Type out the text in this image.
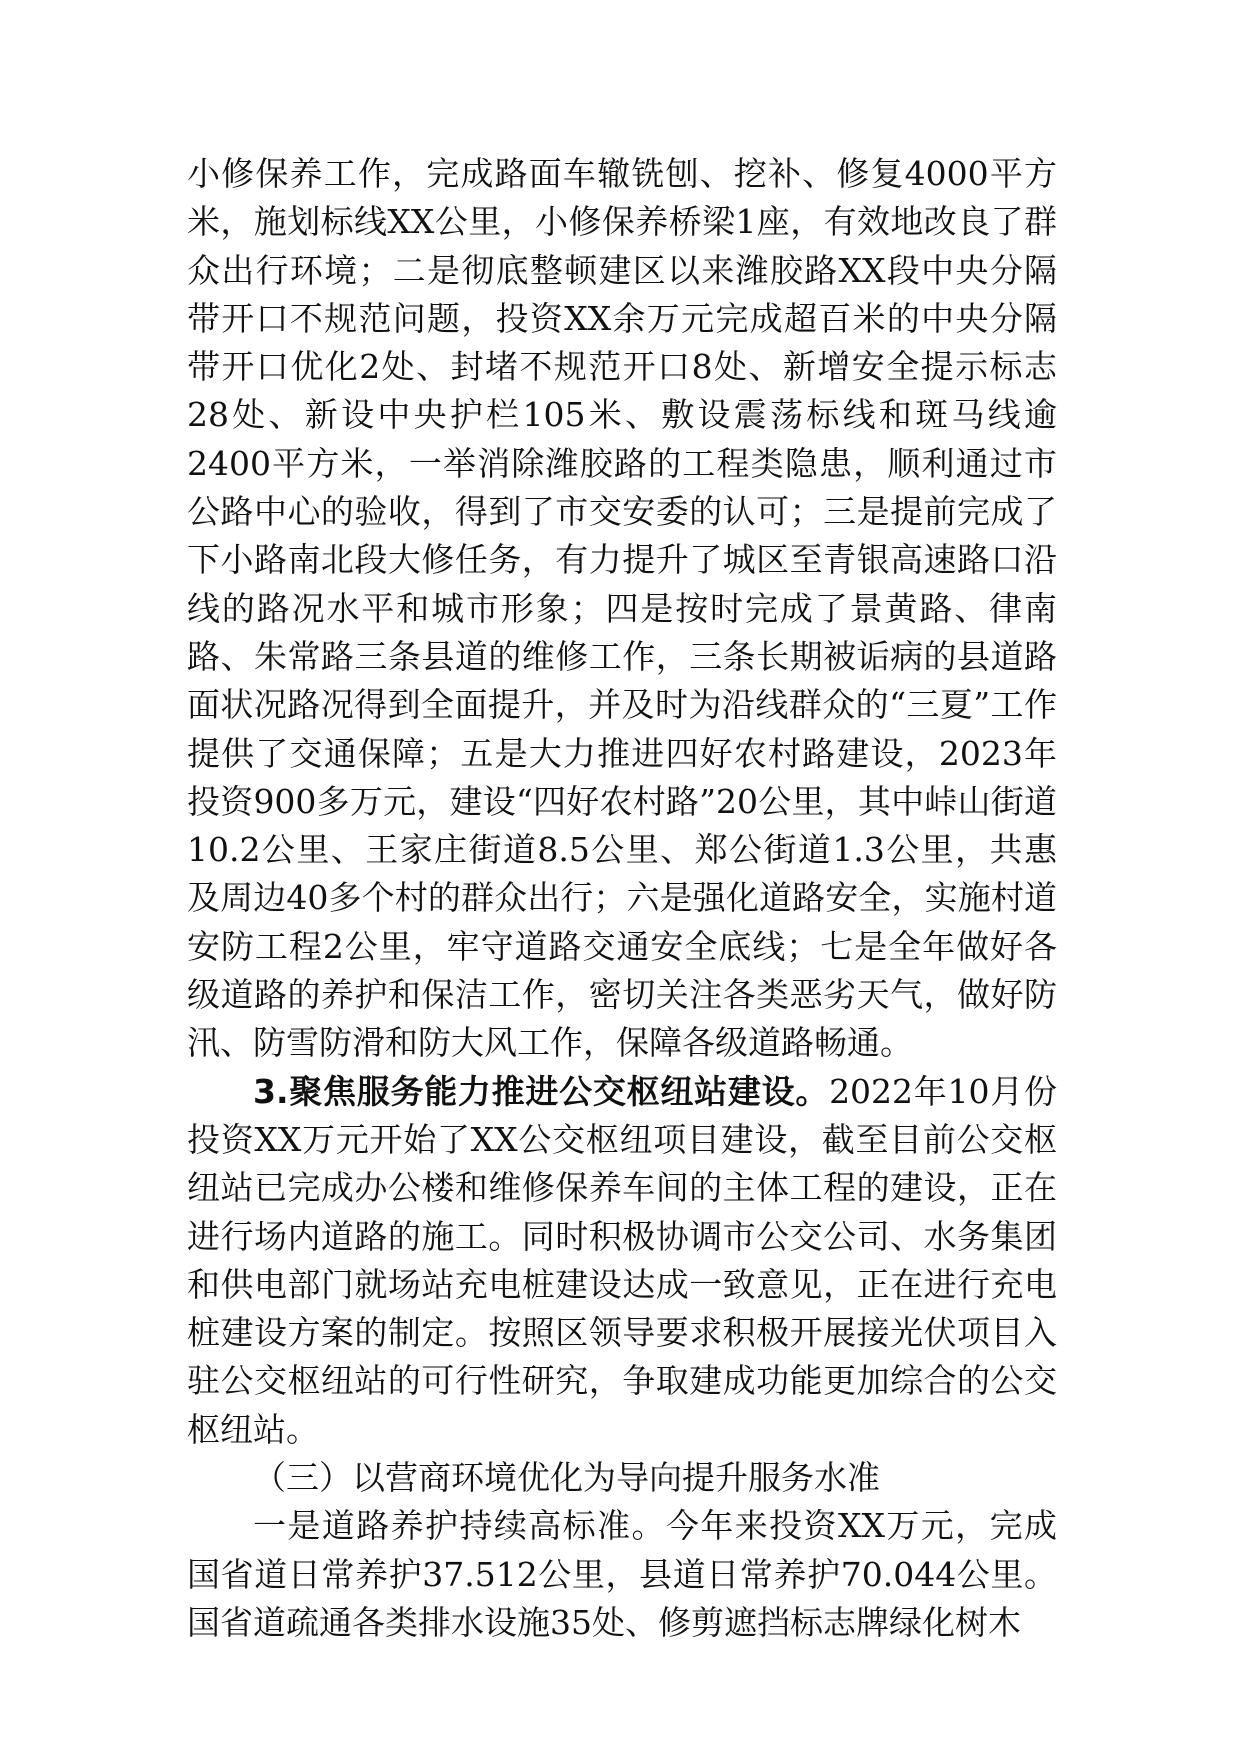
小修保养工作，完成路面车辙铣刨、挖补、修复4000平方米，施划标线XX公里，小修保养桥梁1座，有效地改良了群众出行环境；二是彻底整顿建区以来潍胶路XX段中央分隔带开口不规范问题，投资XX余万元完成超百米的中央分隔带开口优化2处、封堵不规范开口8处、新增安全提示标志28处、新设中央护栏105米、敷设震荡标线和斑马线逾2400平方米，一举消除潍胶路的工程类隐患，顺利通过市公路中心的验收，得到了市交安委的认可；三是提前完成了下小路南北段大修任务，有力提升了城区至青银高速路口沿线的路况水平和城市形象；四是按时完成了景黄路、律南路、朱常路三条县道的维修工作，三条长期被诟病的县道路面状况路况得到全面提升，并及时为沿线群众的“三夏”工作提供了交通保障；五是大力推进四好农村路建设，2023年投资900多万元，建设“四好农村路”20公里，其中峠山街道10.2公里、王家庄街道8.5公里、郑公街道1.3公里，共惠及周边40多个村的群众出行；六是强化道路安全，实施村道安防工程2公里，牢守道路交通安全底线；七是全年做好各级道路的养护和保洁工作，密切关注各类恶劣天气，做好防汛、防雪防滑和防大风工作，保障各级道路畅通。

3.聚焦服务能力推进公交枢纽站建设。2022年10月份投资XX万元开始了XX公交枢纽项目建设，截至目前公交枢纽站已完成办公楼和维修保养车间的主体工程的建设，正在进行场内道路的施工。同时积极协调市公交公司、水务集团和供电部门就场站充电桩建设达成一致意见，正在进行充电桩建设方案的制定。按照区领导要求积极开展接光伏项目入驻公交枢纽站的可行性研究，争取建成功能更加综合的公交枢纽站。

（三）以营商环境优化为导向提升服务水准

一是道路养护持续高标准。今年来投资XX万元，完成国省道日常养护37.512公里，县道日常养护70.044公里。国省道疏通各类排水设施35处、修剪遮挡标志牌绿化树木
